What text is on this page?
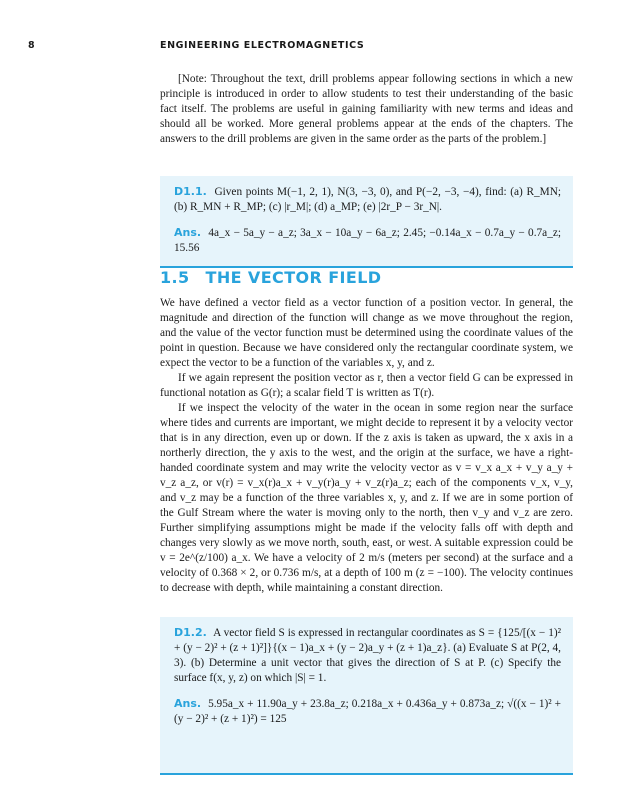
8	ENGINEERING ELECTROMAGNETICS

[Note: Throughout the text, drill problems appear following sections in which a new principle is introduced in order to allow students to test their understanding of the basic fact itself. The problems are useful in gaining familiarity with new terms and ideas and should all be worked. More general problems appear at the ends of the chapters. The answers to the drill problems are given in the same order as the parts of the problem.]

D1.1. Given points M(−1, 2, 1), N(3, −3, 0), and P(−2, −3, −4), find: (a) R_MN; (b) R_MN + R_MP; (c) |r_M|; (d) a_MP; (e) |2r_P − 3r_N|.

Ans. 4a_x − 5a_y − a_z; 3a_x − 10a_y − 6a_z; 2.45; −0.14a_x − 0.7a_y − 0.7a_z; 15.56

1.5 THE VECTOR FIELD

We have defined a vector field as a vector function of a position vector. In general, the magnitude and direction of the function will change as we move throughout the region, and the value of the vector function must be determined using the coordinate values of the point in question. Because we have considered only the rectangular coordinate system, we expect the vector to be a function of the variables x, y, and z.

If we again represent the position vector as r, then a vector field G can be expressed in functional notation as G(r); a scalar field T is written as T(r).

If we inspect the velocity of the water in the ocean in some region near the surface where tides and currents are important, we might decide to represent it by a velocity vector that is in any direction, even up or down. If the z axis is taken as upward, the x axis in a northerly direction, the y axis to the west, and the origin at the surface, we have a right-handed coordinate system and may write the velocity vector as v = v_x a_x + v_y a_y + v_z a_z, or v(r) = v_x(r)a_x + v_y(r)a_y + v_z(r)a_z; each of the components v_x, v_y, and v_z may be a function of the three variables x, y, and z. If we are in some portion of the Gulf Stream where the water is moving only to the north, then v_y and v_z are zero. Further simplifying assumptions might be made if the velocity falls off with depth and changes very slowly as we move north, south, east, or west. A suitable expression could be v = 2e^(z/100) a_x. We have a velocity of 2 m/s (meters per second) at the surface and a velocity of 0.368 × 2, or 0.736 m/s, at a depth of 100 m (z = −100). The velocity continues to decrease with depth, while maintaining a constant direction.

D1.2. A vector field S is expressed in rectangular coordinates as S = {125/[(x − 1)² + (y − 2)² + (z + 1)²]}{(x − 1)a_x + (y − 2)a_y + (z + 1)a_z}. (a) Evaluate S at P(2, 4, 3). (b) Determine a unit vector that gives the direction of S at P. (c) Specify the surface f(x, y, z) on which |S| = 1.

Ans. 5.95a_x + 11.90a_y + 23.8a_z; 0.218a_x + 0.436a_y + 0.873a_z; √((x − 1)² + (y − 2)² + (z + 1)²) = 125
